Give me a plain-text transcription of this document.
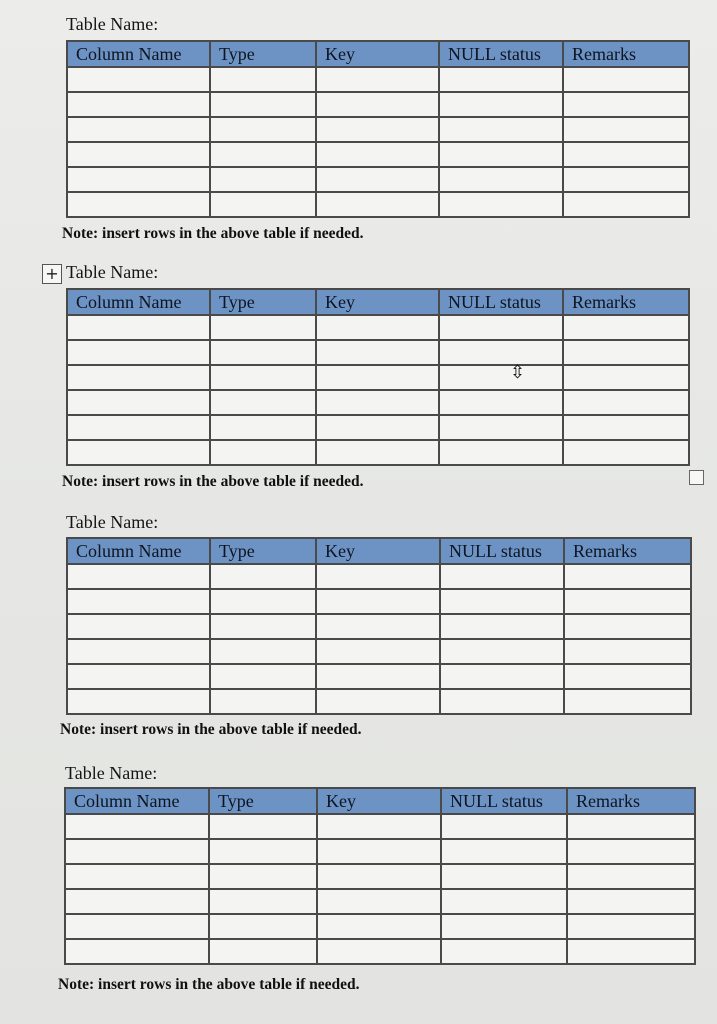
Table Name:
Column Name	Type	Key	NULL status	Remarks

Note: insert rows in the above table if needed.
+ Table Name:
Column Name	Type	Key	NULL status	Remarks

⇳
Note: insert rows in the above table if needed.
Table Name:
Column Name	Type	Key	NULL status	Remarks

Note: insert rows in the above table if needed.
Table Name:
Column Name	Type	Key	NULL status	Remarks

Note: insert rows in the above table if needed.
